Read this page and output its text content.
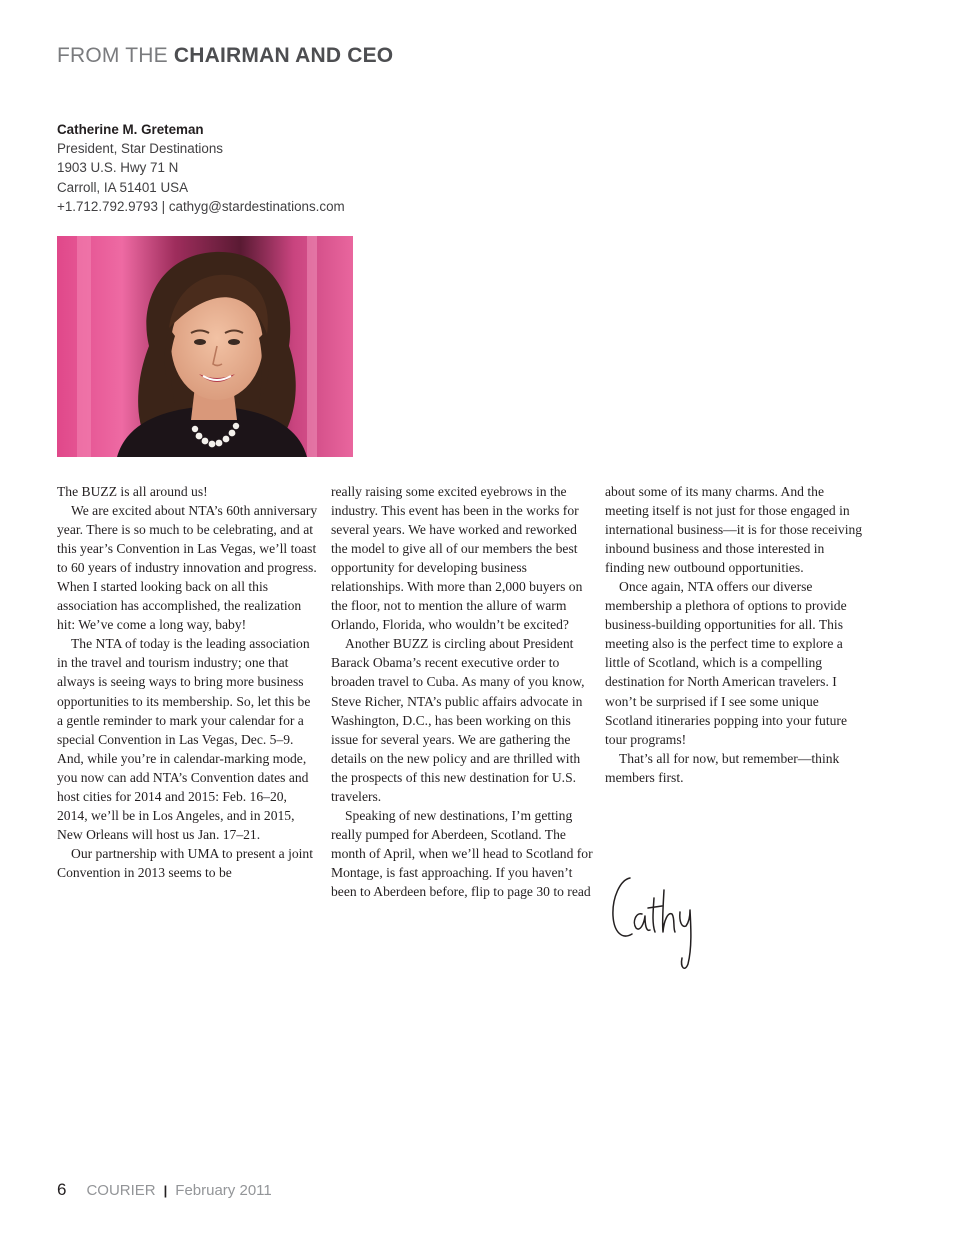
FROM THE CHAIRMAN AND CEO
Catherine M. Greteman
President, Star Destinations
1903 U.S. Hwy 71 N
Carroll, IA 51401 USA
+1.712.792.9793 | cathyg@stardestinations.com

The BUZZ is all around us!

We are excited about NTA’s 60th anniversary year. There is so much to be celebrating, and at this year’s Convention in Las Vegas, we’ll toast to 60 years of industry innovation and progress. When I started looking back on all this association has accomplished, the realization hit: We’ve come a long way, baby!

The NTA of today is the leading association in the travel and tourism industry; one that always is seeing ways to bring more business opportunities to its membership. So, let this be a gentle reminder to mark your calendar for a special Convention in Las Vegas, Dec. 5–9. And, while you’re in calendar-marking mode, you now can add NTA’s Convention dates and host cities for 2014 and 2015: Feb. 16–20, 2014, we’ll be in Los Angeles, and in 2015, New Orleans will host us Jan. 17–21.

Our partnership with UMA to present a joint Convention in 2013 seems to be

really raising some excited eyebrows in the industry. This event has been in the works for several years. We have worked and reworked the model to give all of our members the best opportunity for developing business relationships. With more than 2,000 buyers on the floor, not to mention the allure of warm Orlando, Florida, who wouldn’t be excited?

Another BUZZ is circling about President Barack Obama’s recent executive order to broaden travel to Cuba. As many of you know, Steve Richer, NTA’s public affairs advocate in Washington, D.C., has been working on this issue for several years. We are gathering the details on the new policy and are thrilled with the prospects of this new destination for U.S. travelers.

Speaking of new destinations, I’m getting really pumped for Aberdeen, Scotland. The month of April, when we’ll head to Scotland for Montage, is fast approaching. If you haven’t been to Aberdeen before, flip to page 30 to read

about some of its many charms. And the meeting itself is not just for those engaged in international business—it is for those receiving inbound business and those interested in finding new outbound opportunities.

Once again, NTA offers our diverse membership a plethora of options to provide business-building opportunities for all. This meeting also is the perfect time to explore a little of Scotland, which is a compelling destination for North American travelers. I won’t be surprised if I see some unique Scotland itineraries popping into your future tour programs!

That’s all for now, but remember—think members first.

6 COURIER | February 2011
